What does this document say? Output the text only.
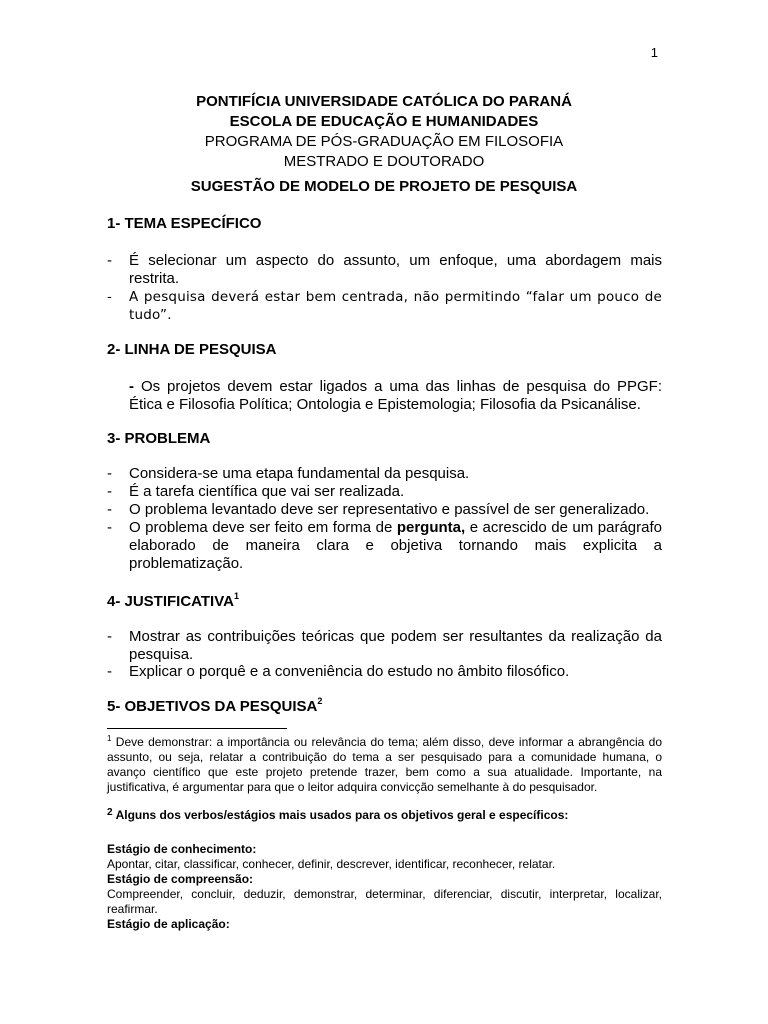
1
PONTIFÍCIA UNIVERSIDADE CATÓLICA DO PARANÁ
ESCOLA DE EDUCAÇÃO E HUMANIDADES
PROGRAMA DE PÓS-GRADUAÇÃO EM FILOSOFIA
MESTRADO E DOUTORADO
SUGESTÃO DE MODELO DE PROJETO DE PESQUISA
1- TEMA ESPECÍFICO
- É selecionar um aspecto do assunto, um enfoque, uma abordagem mais restrita.
- A pesquisa deverá estar bem centrada, não permitindo “falar um pouco de tudo”.
2- LINHA DE PESQUISA
- Os projetos devem estar ligados a uma das linhas de pesquisa do PPGF: Ética e Filosofia Política; Ontologia e Epistemologia; Filosofia da Psicanálise.
3- PROBLEMA
- Considera-se uma etapa fundamental da pesquisa.
- É a tarefa científica que vai ser realizada.
- O problema levantado deve ser representativo e passível de ser generalizado.
- O problema deve ser feito em forma de pergunta, e acrescido de um parágrafo elaborado de maneira clara e objetiva tornando mais explicita a problematização.
4- JUSTIFICATIVA$^1$
- Mostrar as contribuições teóricas que podem ser resultantes da realização da pesquisa.
- Explicar o porquê e a conveniência do estudo no âmbito filosófico.
5- OBJETIVOS DA PESQUISA$^2$
$^1$ Deve demonstrar: a importância ou relevância do tema; além disso, deve informar a abrangência do assunto, ou seja, relatar a contribuição do tema a ser pesquisado para a comunidade humana, o avanço científico que este projeto pretende trazer, bem como a sua atualidade. Importante, na justificativa, é argumentar para que o leitor adquira convicção semelhante à do pesquisador.
$^2$ Alguns dos verbos/estágios mais usados para os objetivos geral e específicos:
Estágio de conhecimento:
Apontar, citar, classificar, conhecer, definir, descrever, identificar, reconhecer, relatar.
Estágio de compreensão:
Compreender, concluir, deduzir, demonstrar, determinar, diferenciar, discutir, interpretar, localizar, reafirmar.
Estágio de aplicação:
